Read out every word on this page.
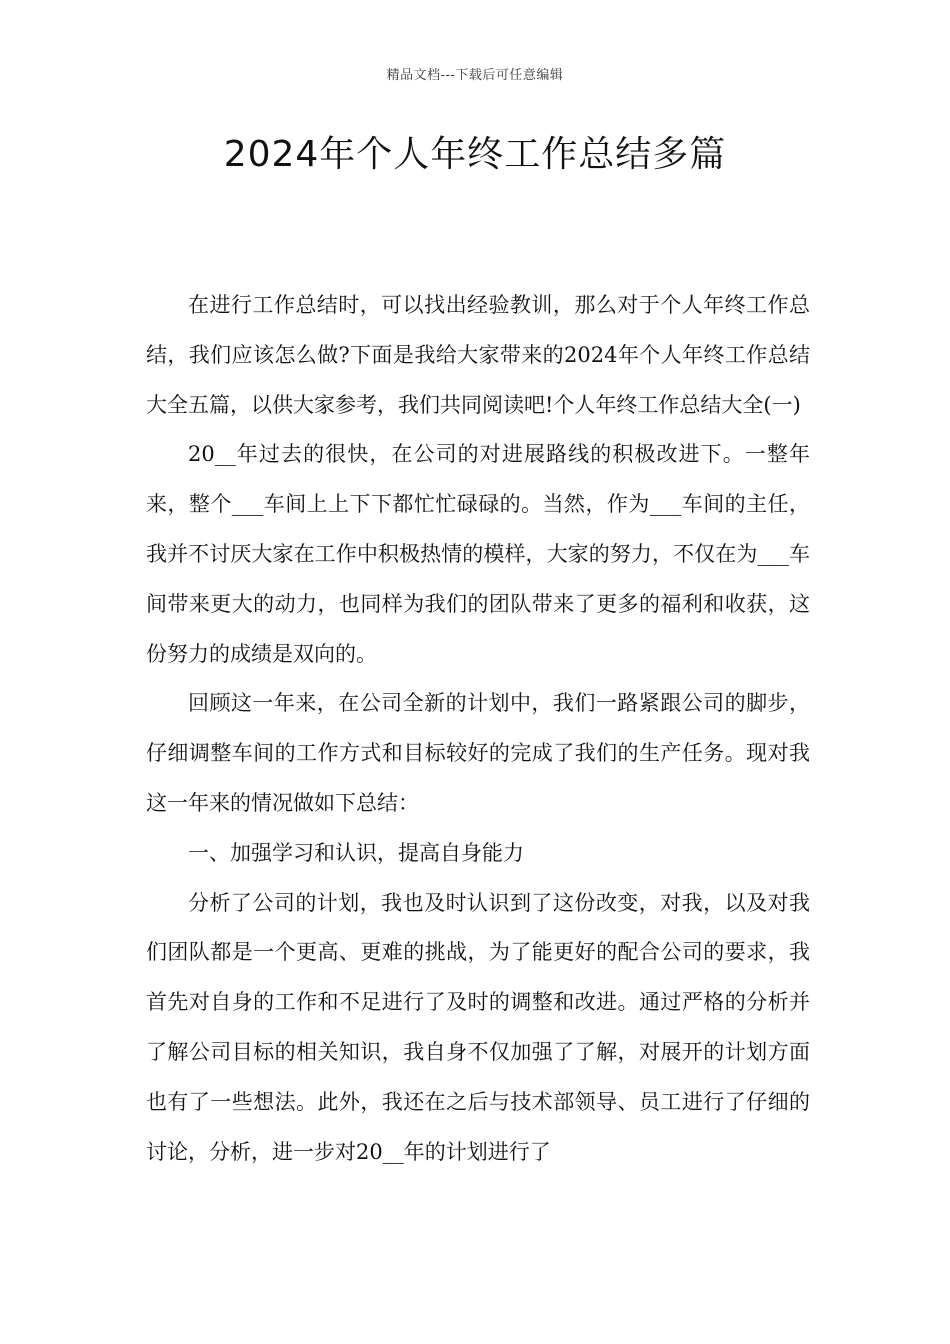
精品文档---下载后可任意编辑
2024年个人年终工作总结多篇

在进行工作总结时，可以找出经验教训，那么对于个人年终工作总结，我们应该怎么做?下面是我给大家带来的2024年个人年终工作总结大全五篇，以供大家参考，我们共同阅读吧!个人年终工作总结大全(一)

20__年过去的很快，在公司的对进展路线的积极改进下。一整年来，整个___车间上上下下都忙忙碌碌的。当然，作为___车间的主任，我并不讨厌大家在工作中积极热情的模样，大家的努力，不仅在为___车间带来更大的动力，也同样为我们的团队带来了更多的福利和收获，这份努力的成绩是双向的。

回顾这一年来，在公司全新的计划中，我们一路紧跟公司的脚步，仔细调整车间的工作方式和目标较好的完成了我们的生产任务。现对我这一年来的情况做如下总结：

一、加强学习和认识，提高自身能力

分析了公司的计划，我也及时认识到了这份改变，对我，以及对我们团队都是一个更高、更难的挑战，为了能更好的配合公司的要求，我首先对自身的工作和不足进行了及时的调整和改进。通过严格的分析并了解公司目标的相关知识，我自身不仅加强了了解，对展开的计划方面也有了一些想法。此外，我还在之后与技术部领导、员工进行了仔细的讨论，分析，进一步对20__年的计划进行了
